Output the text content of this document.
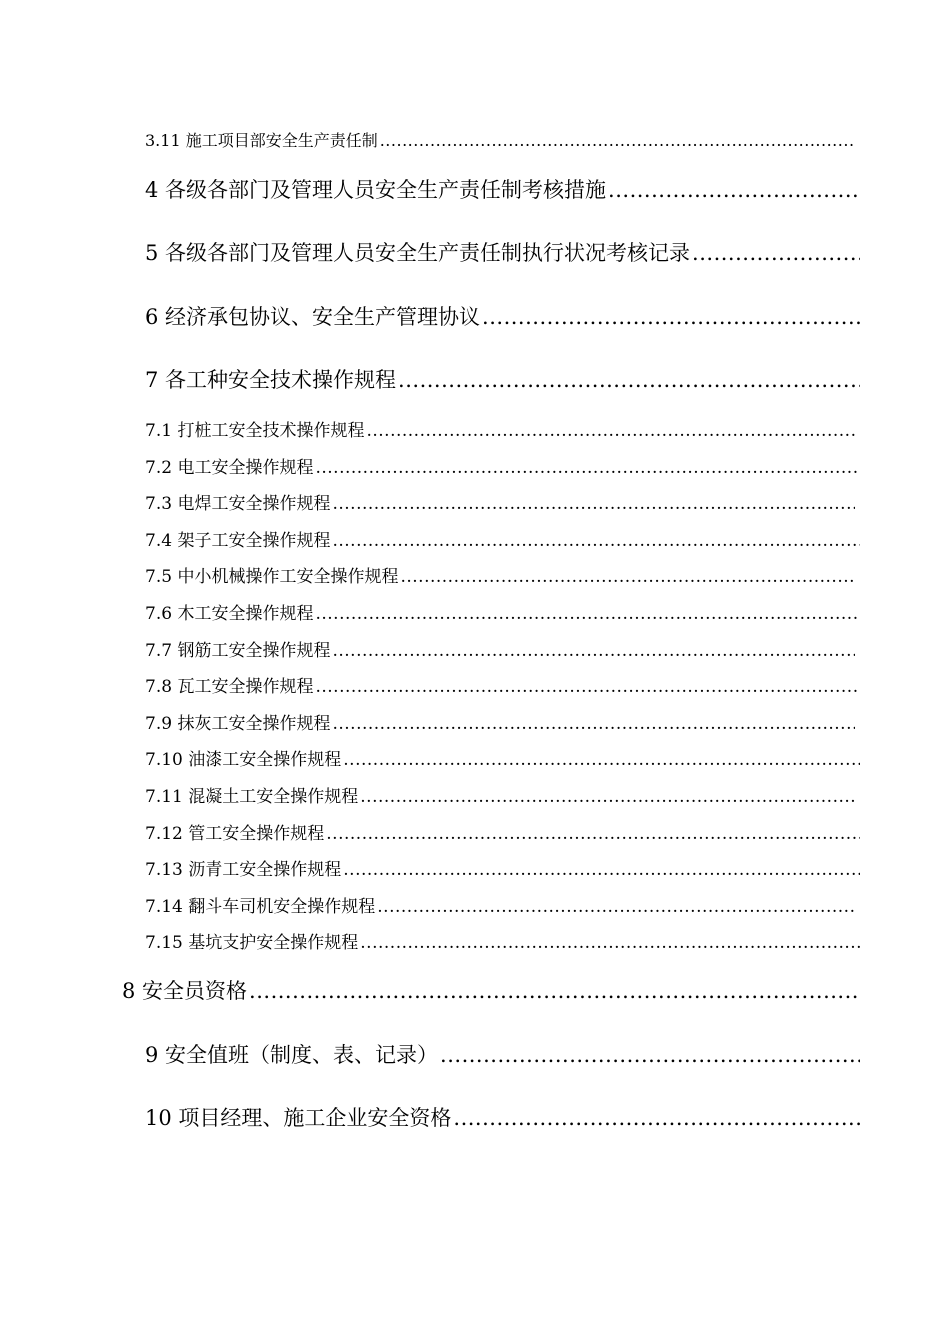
3.11 施工项目部安全生产责任制
.....
4 各级各部门及管理人员安全生产责任制考核措施
.....
5 各级各部门及管理人员安全生产责任制执行状况考核记录
.....
6 经济承包协议、安全生产管理协议
.....
7 各工种安全技术操作规程
.....
7.1 打桩工安全技术操作规程
.....
7.2 电工安全操作规程
.....
7.3 电焊工安全操作规程
.....
7.4 架子工安全操作规程
.....
7.5 中小机械操作工安全操作规程
.....
7.6 木工安全操作规程
.....
7.7 钢筋工安全操作规程
.....
7.8 瓦工安全操作规程
.....
7.9 抹灰工安全操作规程
.....
7.10 油漆工安全操作规程
.....
7.11 混凝土工安全操作规程
.....
7.12 管工安全操作规程
.....
7.13 沥青工安全操作规程
.....
7.14 翻斗车司机安全操作规程
.....
7.15 基坑支护安全操作规程
.....
8 安全员资格
.....
9 安全值班（制度、表、记录）
.....
10 项目经理、施工企业安全资格
.....
